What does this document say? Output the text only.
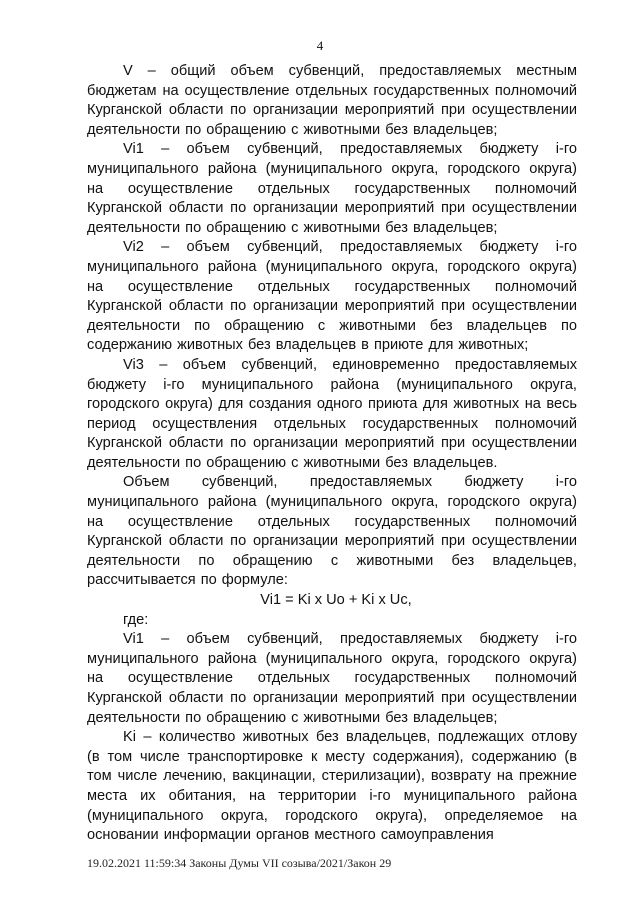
4

V – общий объем субвенций, предоставляемых местным бюджетам на осуществление отдельных государственных полномочий Курганской области по организации мероприятий при осуществлении деятельности по обращению с животными без владельцев;

Vi1 – объем субвенций, предоставляемых бюджету i-го муниципального района (муниципального округа, городского округа) на осуществление отдельных государственных полномочий Курганской области по организации мероприятий при осуществлении деятельности по обращению с животными без владельцев;

Vi2 – объем субвенций, предоставляемых бюджету i-го муниципального района (муниципального округа, городского округа) на осуществление отдельных государственных полномочий Курганской области по организации мероприятий при осуществлении деятельности по обращению с животными без владельцев по содержанию животных без владельцев в приюте для животных;

Vi3 – объем субвенций, единовременно предоставляемых бюджету i-го муниципального района (муниципального округа, городского округа) для создания одного приюта для животных на весь период осуществления отдельных государственных полномочий Курганской области по организации мероприятий при осуществлении деятельности по обращению с животными без владельцев.

Объем субвенций, предоставляемых бюджету i-го муниципального района (муниципального округа, городского округа) на осуществление отдельных государственных полномочий Курганской области по организации мероприятий при осуществлении деятельности по обращению с животными без владельцев, рассчитывается по формуле:

Vi1 = Ki x Uo + Ki x Uc,

где:

Vi1 – объем субвенций, предоставляемых бюджету i-го муниципального района (муниципального округа, городского округа) на осуществление отдельных государственных полномочий Курганской области по организации мероприятий при осуществлении деятельности по обращению с животными без владельцев;

Ki – количество животных без владельцев, подлежащих отлову (в том числе транспортировке к месту содержания), содержанию (в том числе лечению, вакцинации, стерилизации), возврату на прежние места их обитания, на территории i-го муниципального района (муниципального округа, городского округа), определяемое на основании информации органов местного самоуправления

19.02.2021 11:59:34 Законы Думы VII созыва/2021/Закон 29
